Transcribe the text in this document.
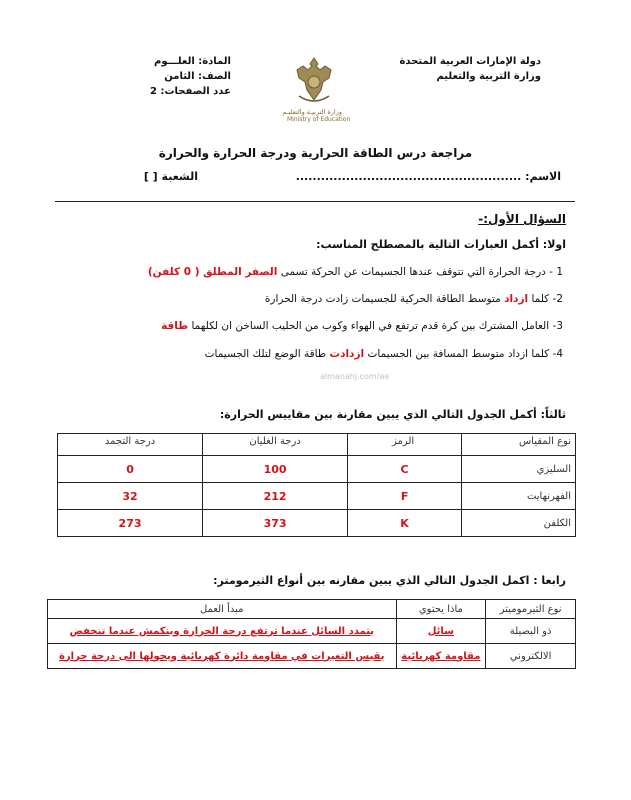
دولة الإمارات العربية المتحدة
وزارة التربية والتعليم
وزارة التربيـة والتعليـم
Ministry of Education
المادة: العلـــوم
الصف: الثامن
عدد الصفحات: 2
مراجعة درس الطاقة الحرارية ودرجة الحرارة والحرارة
الاسم: ......................................................  الشعبة [ ]
السؤال الأول:-
اولا: أكمل العبارات التالية بالمصطلح المناسب:
1 - درجة الحرارة التي تتوقف عندها الجسيمات عن الحركة تسمى الصفر المطلق ( 0 كلفن)
2- كلما ازداد متوسط الطاقة الحركية للجسيمات زادت درجة الحرارة
3- العامل المشترك بين كرة قدم ترتفع في الهواء وكوب من الحليب الساخن ان لكلهما طاقة
4- كلما ازداد متوسط المسافة بين الجسيمات ازدادت طاقة الوضع لتلك الجسيمات
almanahj.com/ae
ثالثاً: أكمل الجدول التالي الذي يبين مقارنة بين مقاييس الحرارة:
نوع المقياس	الرمز	درجة الغليان	درجة التجمد
السليزي	C	100	0
الفهرنهايت	F	212	32
الكلفن	K	373	273
رابعا : اكمل الجدول التالي الذي يبين مقارنه بين أنواع الثيرمومتر:
نوع الثيرموميتر	ماذا يحتوي	مبدأ العمل
ذو البصيلة	سائل	يتمدد السائل عندما ترتفع درجة الحرارة وينكمش عندما تنخفض
الالكتروني	مقاومة كهربائية	يقيس التغيرات في مقاومة دائرة كهربائية ويحولها الى درجة حرارة
